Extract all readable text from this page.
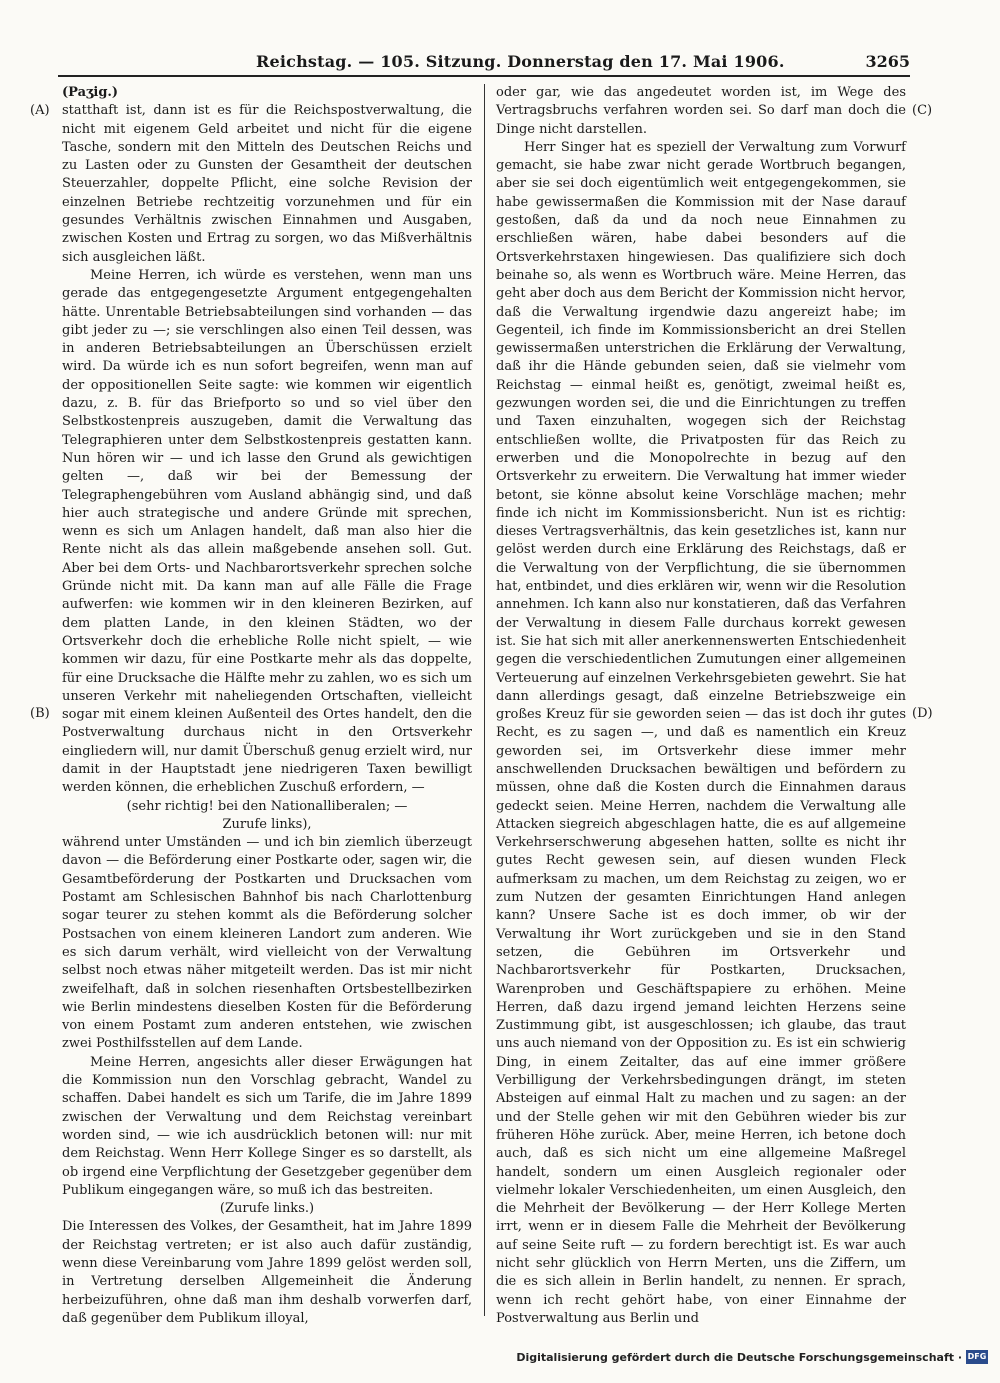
Reichstag. — 105. Sitzung. Donnerstag den 17. Mai 1906.	3265
(A)
(B)
(C)
(D)

(Paʒig.)

statthaft ist, dann ist es für die Reichspostverwaltung, die nicht mit eigenem Geld arbeitet und nicht für die eigene Tasche, sondern mit den Mitteln des Deutschen Reichs und zu Lasten oder zu Gunsten der Gesamtheit der deutschen Steuerzahler, doppelte Pflicht, eine solche Revision der einzelnen Betriebe rechtzeitig vorzunehmen und für ein gesundes Verhältnis zwischen Einnahmen und Ausgaben, zwischen Kosten und Ertrag zu sorgen, wo das Mißverhältnis sich ausgleichen läßt.

Meine Herren, ich würde es verstehen, wenn man uns gerade das entgegengesetzte Argument entgegengehalten hätte. Unrentable Betriebsabteilungen sind vorhanden — das gibt jeder zu —; sie verschlingen also einen Teil dessen, was in anderen Betriebsabteilungen an Überschüssen erzielt wird. Da würde ich es nun sofort begreifen, wenn man auf der oppositionellen Seite sagte: wie kommen wir eigentlich dazu, z. B. für das Briefporto so und so viel über den Selbstkostenpreis auszugeben, damit die Verwaltung das Telegraphieren unter dem Selbstkostenpreis gestatten kann. Nun hören wir — und ich lasse den Grund als gewichtigen gelten —, daß wir bei der Bemessung der Telegraphengebühren vom Ausland abhängig sind, und daß hier auch strategische und andere Gründe mit sprechen, wenn es sich um Anlagen handelt, daß man also hier die Rente nicht als das allein maßgebende ansehen soll. Gut. Aber bei dem Orts- und Nachbarortsverkehr sprechen solche Gründe nicht mit. Da kann man auf alle Fälle die Frage aufwerfen: wie kommen wir in den kleineren Bezirken, auf dem platten Lande, in den kleinen Städten, wo der Ortsverkehr doch die erhebliche Rolle nicht spielt, — wie kommen wir dazu, für eine Postkarte mehr als das doppelte, für eine Drucksache die Hälfte mehr zu zahlen, wo es sich um unseren Verkehr mit naheliegenden Ortschaften, vielleicht sogar mit einem kleinen Außenteil des Ortes handelt, den die Postverwaltung durchaus nicht in den Ortsverkehr eingliedern will, nur damit Überschuß genug erzielt wird, nur damit in der Hauptstadt jene niedrigeren Taxen bewilligt werden können, die erheblichen Zuschuß erfordern, —

(sehr richtig! bei den Nationalliberalen; —

Zurufe links),

während unter Umständen — und ich bin ziemlich überzeugt davon — die Beförderung einer Postkarte oder, sagen wir, die Gesamtbeförderung der Postkarten und Drucksachen vom Postamt am Schlesischen Bahnhof bis nach Charlottenburg sogar teurer zu stehen kommt als die Beförderung solcher Postsachen von einem kleineren Landort zum anderen. Wie es sich darum verhält, wird vielleicht von der Verwaltung selbst noch etwas näher mitgeteilt werden. Das ist mir nicht zweifelhaft, daß in solchen riesenhaften Ortsbestellbezirken wie Berlin mindestens dieselben Kosten für die Beförderung von einem Postamt zum anderen entstehen, wie zwischen zwei Posthilfsstellen auf dem Lande.

Meine Herren, angesichts aller dieser Erwägungen hat die Kommission nun den Vorschlag gebracht, Wandel zu schaffen. Dabei handelt es sich um Tarife, die im Jahre 1899 zwischen der Verwaltung und dem Reichstag vereinbart worden sind, — wie ich ausdrücklich betonen will: nur mit dem Reichstag. Wenn Herr Kollege Singer es so darstellt, als ob irgend eine Verpflichtung der Gesetzgeber gegenüber dem Publikum eingegangen wäre, so muß ich das bestreiten.

(Zurufe links.)

Die Interessen des Volkes, der Gesamtheit, hat im Jahre 1899 der Reichstag vertreten; er ist also auch dafür zuständig, wenn diese Vereinbarung vom Jahre 1899 gelöst werden soll, in Vertretung derselben Allgemeinheit die Änderung herbeizuführen, ohne daß man ihm deshalb vorwerfen darf, daß gegenüber dem Publikum illoyal,

oder gar, wie das angedeutet worden ist, im Wege des Vertragsbruchs verfahren worden sei. So darf man doch die Dinge nicht darstellen.

Herr Singer hat es speziell der Verwaltung zum Vorwurf gemacht, sie habe zwar nicht gerade Wortbruch begangen, aber sie sei doch eigentümlich weit entgegengekommen, sie habe gewissermaßen die Kommission mit der Nase darauf gestoßen, daß da und da noch neue Einnahmen zu erschließen wären, habe dabei besonders auf die Ortsverkehrstaxen hingewiesen. Das qualifiziere sich doch beinahe so, als wenn es Wortbruch wäre. Meine Herren, das geht aber doch aus dem Bericht der Kommission nicht hervor, daß die Verwaltung irgendwie dazu angereizt habe; im Gegenteil, ich finde im Kommissionsbericht an drei Stellen gewissermaßen unterstrichen die Erklärung der Verwaltung, daß ihr die Hände gebunden seien, daß sie vielmehr vom Reichstag — einmal heißt es, genötigt, zweimal heißt es, gezwungen worden sei, die und die Einrichtungen zu treffen und Taxen einzuhalten, wogegen sich der Reichstag entschließen wollte, die Privatposten für das Reich zu erwerben und die Monopolrechte in bezug auf den Ortsverkehr zu erweitern. Die Verwaltung hat immer wieder betont, sie könne absolut keine Vorschläge machen; mehr finde ich nicht im Kommissionsbericht. Nun ist es richtig: dieses Vertragsverhältnis, das kein gesetzliches ist, kann nur gelöst werden durch eine Erklärung des Reichstags, daß er die Verwaltung von der Verpflichtung, die sie übernommen hat, entbindet, und dies erklären wir, wenn wir die Resolution annehmen. Ich kann also nur konstatieren, daß das Verfahren der Verwaltung in diesem Falle durchaus korrekt gewesen ist. Sie hat sich mit aller anerkennenswerten Entschiedenheit gegen die verschiedentlichen Zumutungen einer allgemeinen Verteuerung auf einzelnen Verkehrsgebieten gewehrt. Sie hat dann allerdings gesagt, daß einzelne Betriebszweige ein großes Kreuz für sie geworden seien — das ist doch ihr gutes Recht, es zu sagen —, und daß es namentlich ein Kreuz geworden sei, im Ortsverkehr diese immer mehr anschwellenden Drucksachen bewältigen und befördern zu müssen, ohne daß die Kosten durch die Einnahmen daraus gedeckt seien. Meine Herren, nachdem die Verwaltung alle Attacken siegreich abgeschlagen hatte, die es auf allgemeine Verkehrserschwerung abgesehen hatten, sollte es nicht ihr gutes Recht gewesen sein, auf diesen wunden Fleck aufmerksam zu machen, um dem Reichstag zu zeigen, wo er zum Nutzen der gesamten Einrichtungen Hand anlegen kann? Unsere Sache ist es doch immer, ob wir der Verwaltung ihr Wort zurückgeben und sie in den Stand setzen, die Gebühren im Ortsverkehr und Nachbarortsverkehr für Postkarten, Drucksachen, Warenproben und Geschäftspapiere zu erhöhen. Meine Herren, daß dazu irgend jemand leichten Herzens seine Zustimmung gibt, ist ausgeschlossen; ich glaube, das traut uns auch niemand von der Opposition zu. Es ist ein schwierig Ding, in einem Zeitalter, das auf eine immer größere Verbilligung der Verkehrsbedingungen drängt, im steten Absteigen auf einmal Halt zu machen und zu sagen: an der und der Stelle gehen wir mit den Gebühren wieder bis zur früheren Höhe zurück. Aber, meine Herren, ich betone doch auch, daß es sich nicht um eine allgemeine Maßregel handelt, sondern um einen Ausgleich regionaler oder vielmehr lokaler Verschiedenheiten, um einen Ausgleich, den die Mehrheit der Bevölkerung — der Herr Kollege Merten irrt, wenn er in diesem Falle die Mehrheit der Bevölkerung auf seine Seite ruft — zu fordern berechtigt ist. Es war auch nicht sehr glücklich von Herrn Merten, uns die Ziffern, um die es sich allein in Berlin handelt, zu nennen. Er sprach, wenn ich recht gehört habe, von einer Einnahme der Postverwaltung aus Berlin und

Digitalisierung gefördert durch die Deutsche Forschungsgemeinschaft · DFG
